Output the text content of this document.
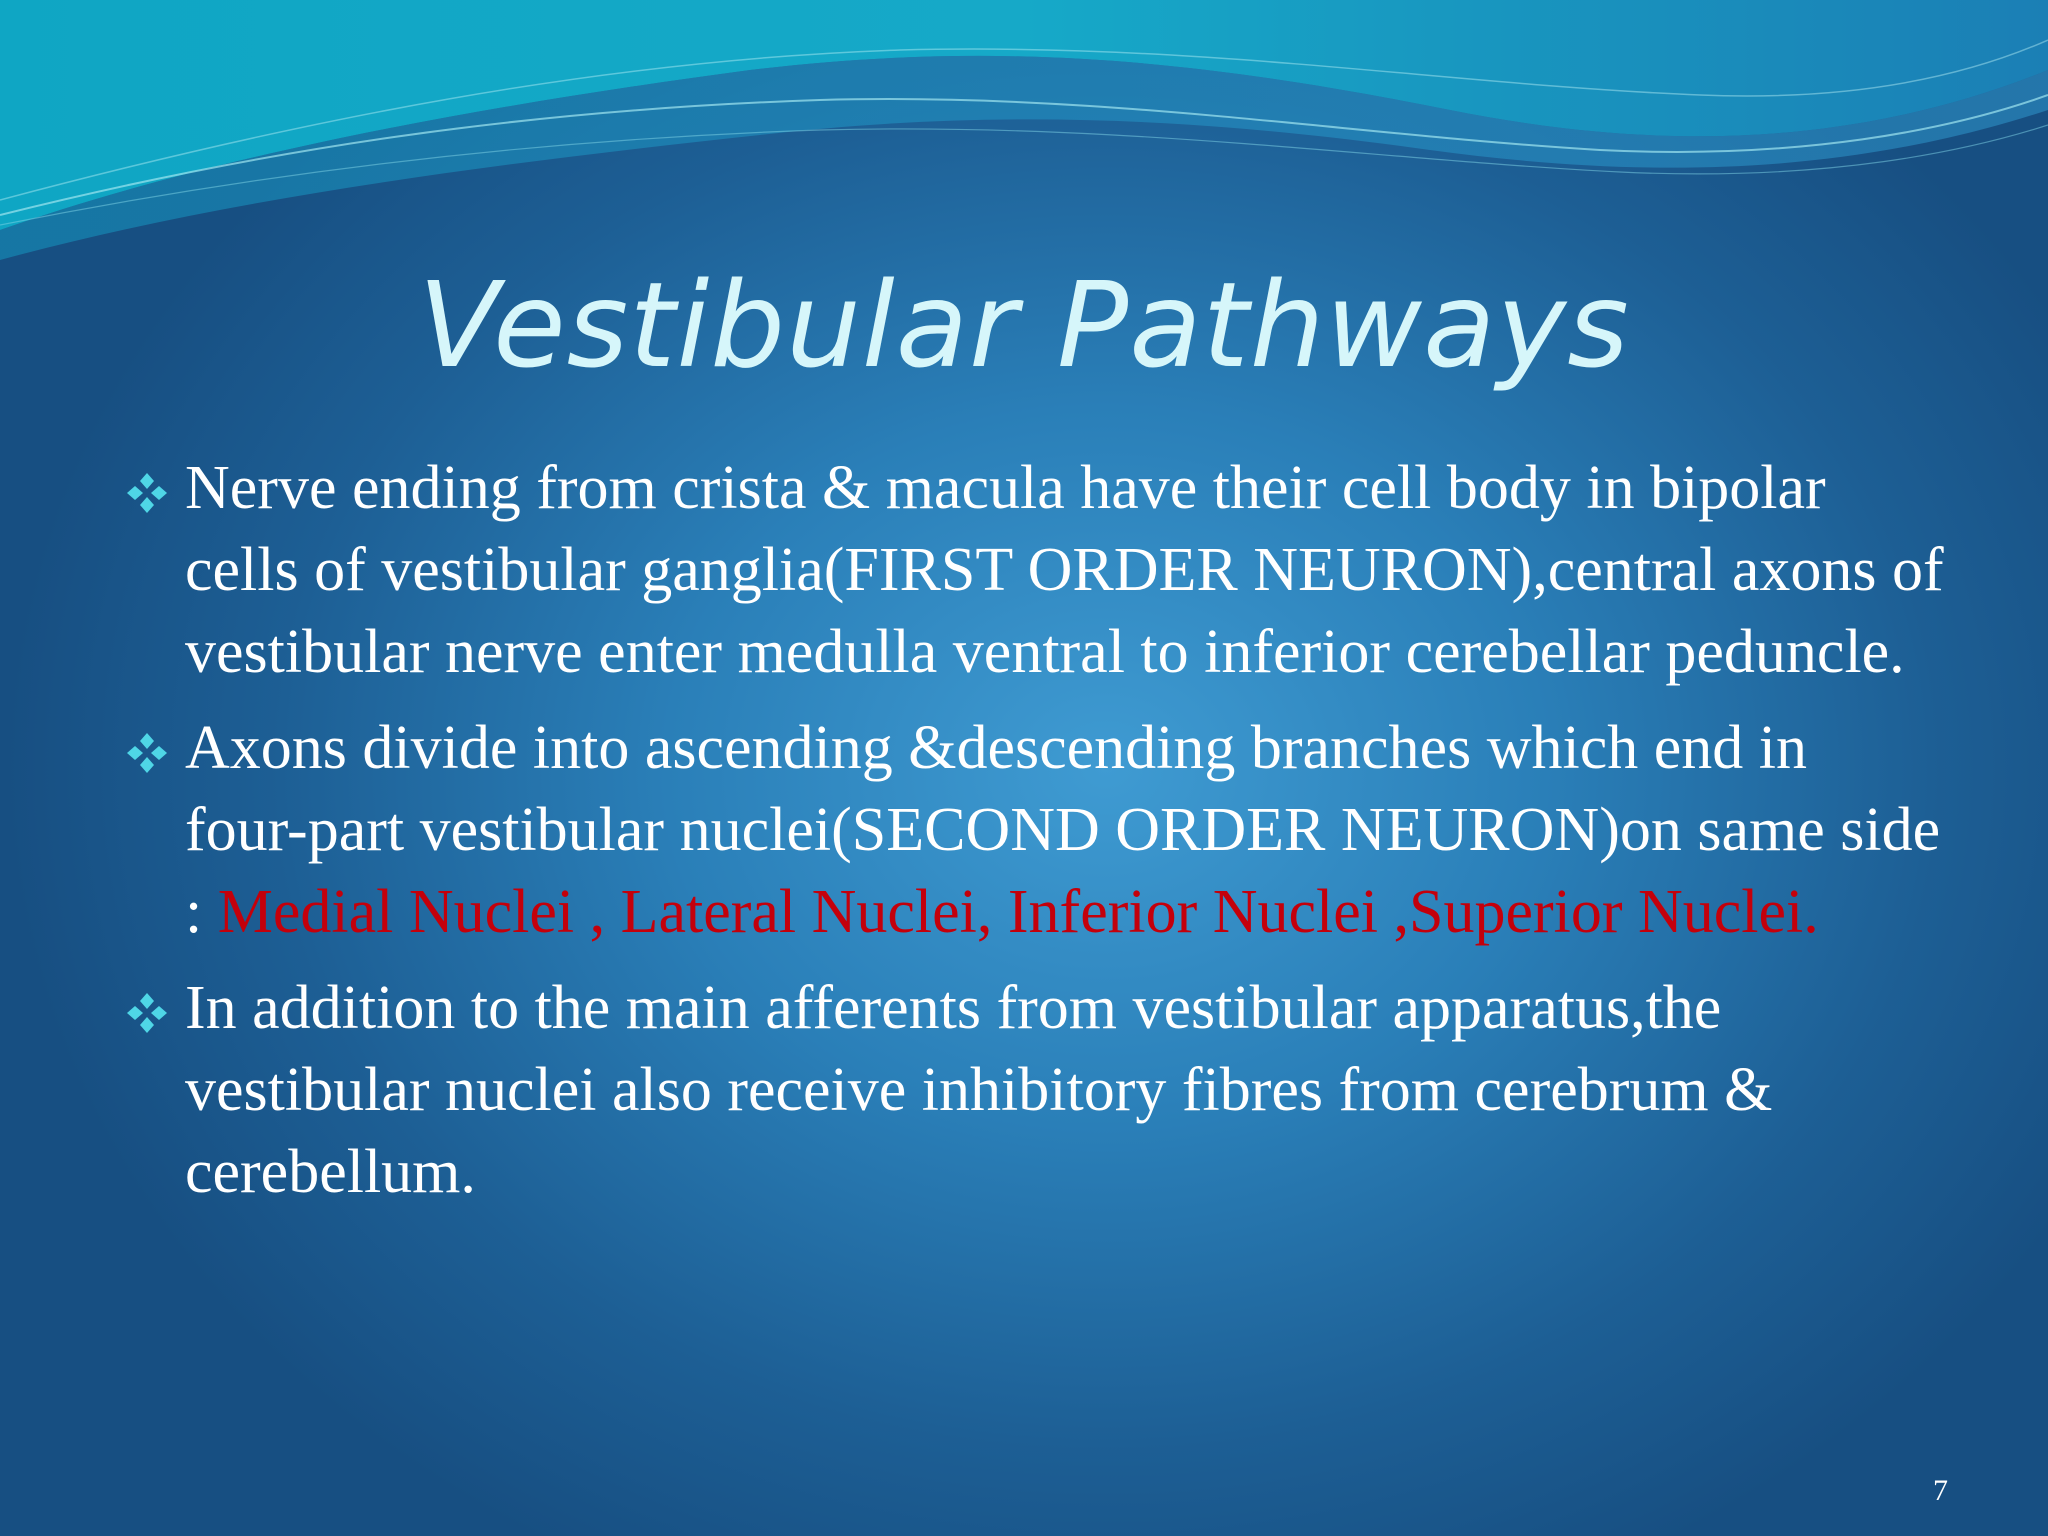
Vestibular Pathways
Nerve ending from crista & macula have their cell body in bipolar cells of vestibular ganglia(FIRST ORDER NEURON),central axons of vestibular nerve enter medulla ventral to inferior cerebellar peduncle.
Axons divide into ascending &descending branches which end in four-part vestibular nuclei(SECOND ORDER NEURON)on same side : Medial Nuclei , Lateral Nuclei, Inferior Nuclei ,Superior Nuclei.
In addition to the main afferents from vestibular apparatus,the vestibular nuclei also receive inhibitory fibres from cerebrum & cerebellum.
7
